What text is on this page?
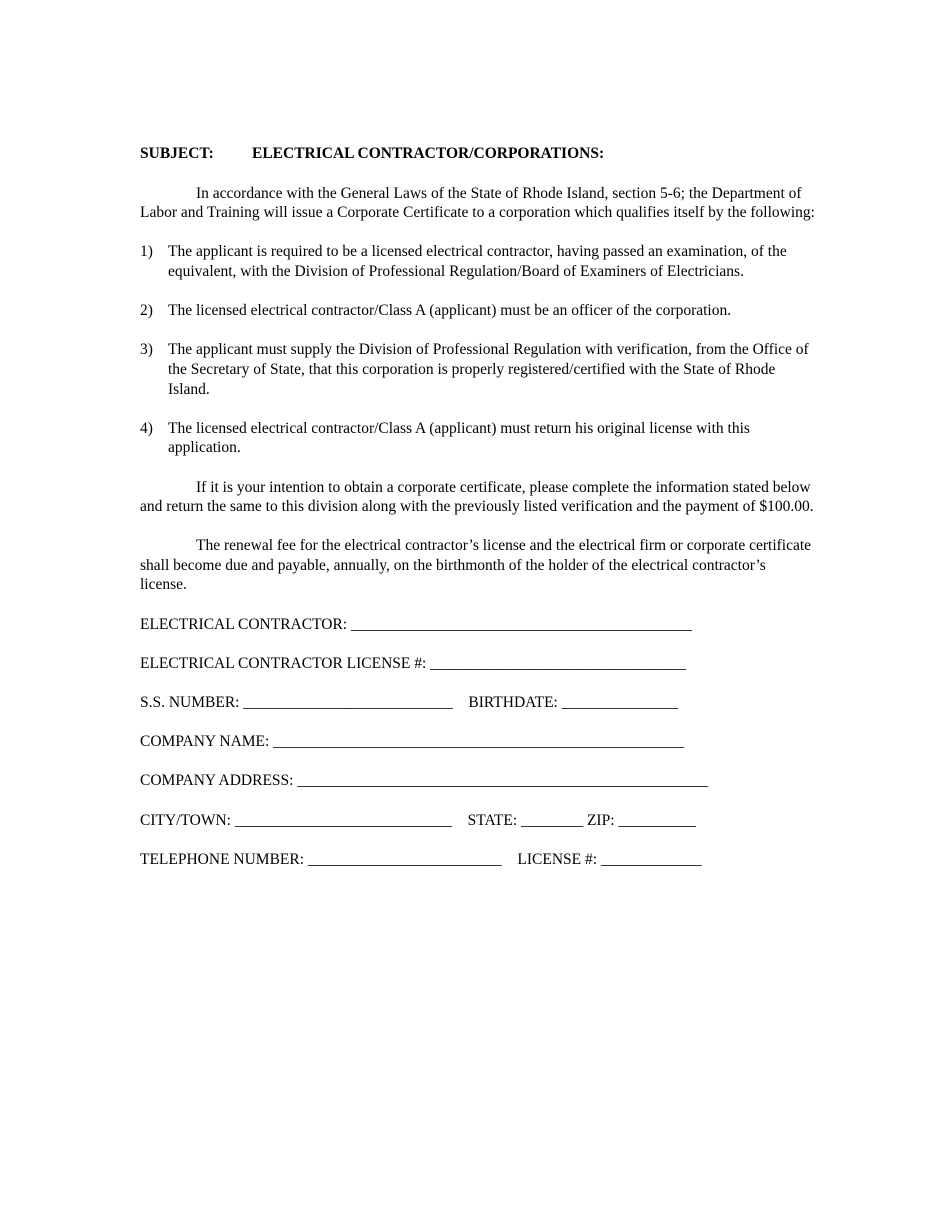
SUBJECT: ELECTRICAL CONTRACTOR/CORPORATIONS:

In accordance with the General Laws of the State of Rhode Island, section 5-6; the Department of Labor and Training will issue a Corporate Certificate to a corporation which qualifies itself by the following:

1) The applicant is required to be a licensed electrical contractor, having passed an examination, of the equivalent, with the Division of Professional Regulation/Board of Examiners of Electricians.
2) The licensed electrical contractor/Class A (applicant) must be an officer of the corporation.
3) The applicant must supply the Division of Professional Regulation with verification, from the Office of the Secretary of State, that this corporation is properly registered/certified with the State of Rhode Island.
4) The licensed electrical contractor/Class A (applicant) must return his original license with this application.

If it is your intention to obtain a corporate certificate, please complete the information stated below and return the same to this division along with the previously listed verification and the payment of $100.00.

The renewal fee for the electrical contractor’s license and the electrical firm or corporate certificate shall become due and payable, annually, on the birthmonth of the holder of the electrical contractor’s license.

ELECTRICAL CONTRACTOR: ____________________________________________
ELECTRICAL CONTRACTOR LICENSE #: _________________________________
S.S. NUMBER: ___________________________ BIRTHDATE: _______________
COMPANY NAME: _____________________________________________________
COMPANY ADDRESS: _____________________________________________________
CITY/TOWN: ____________________________ STATE: ________ ZIP: __________
TELEPHONE NUMBER: _________________________ LICENSE #: _____________
